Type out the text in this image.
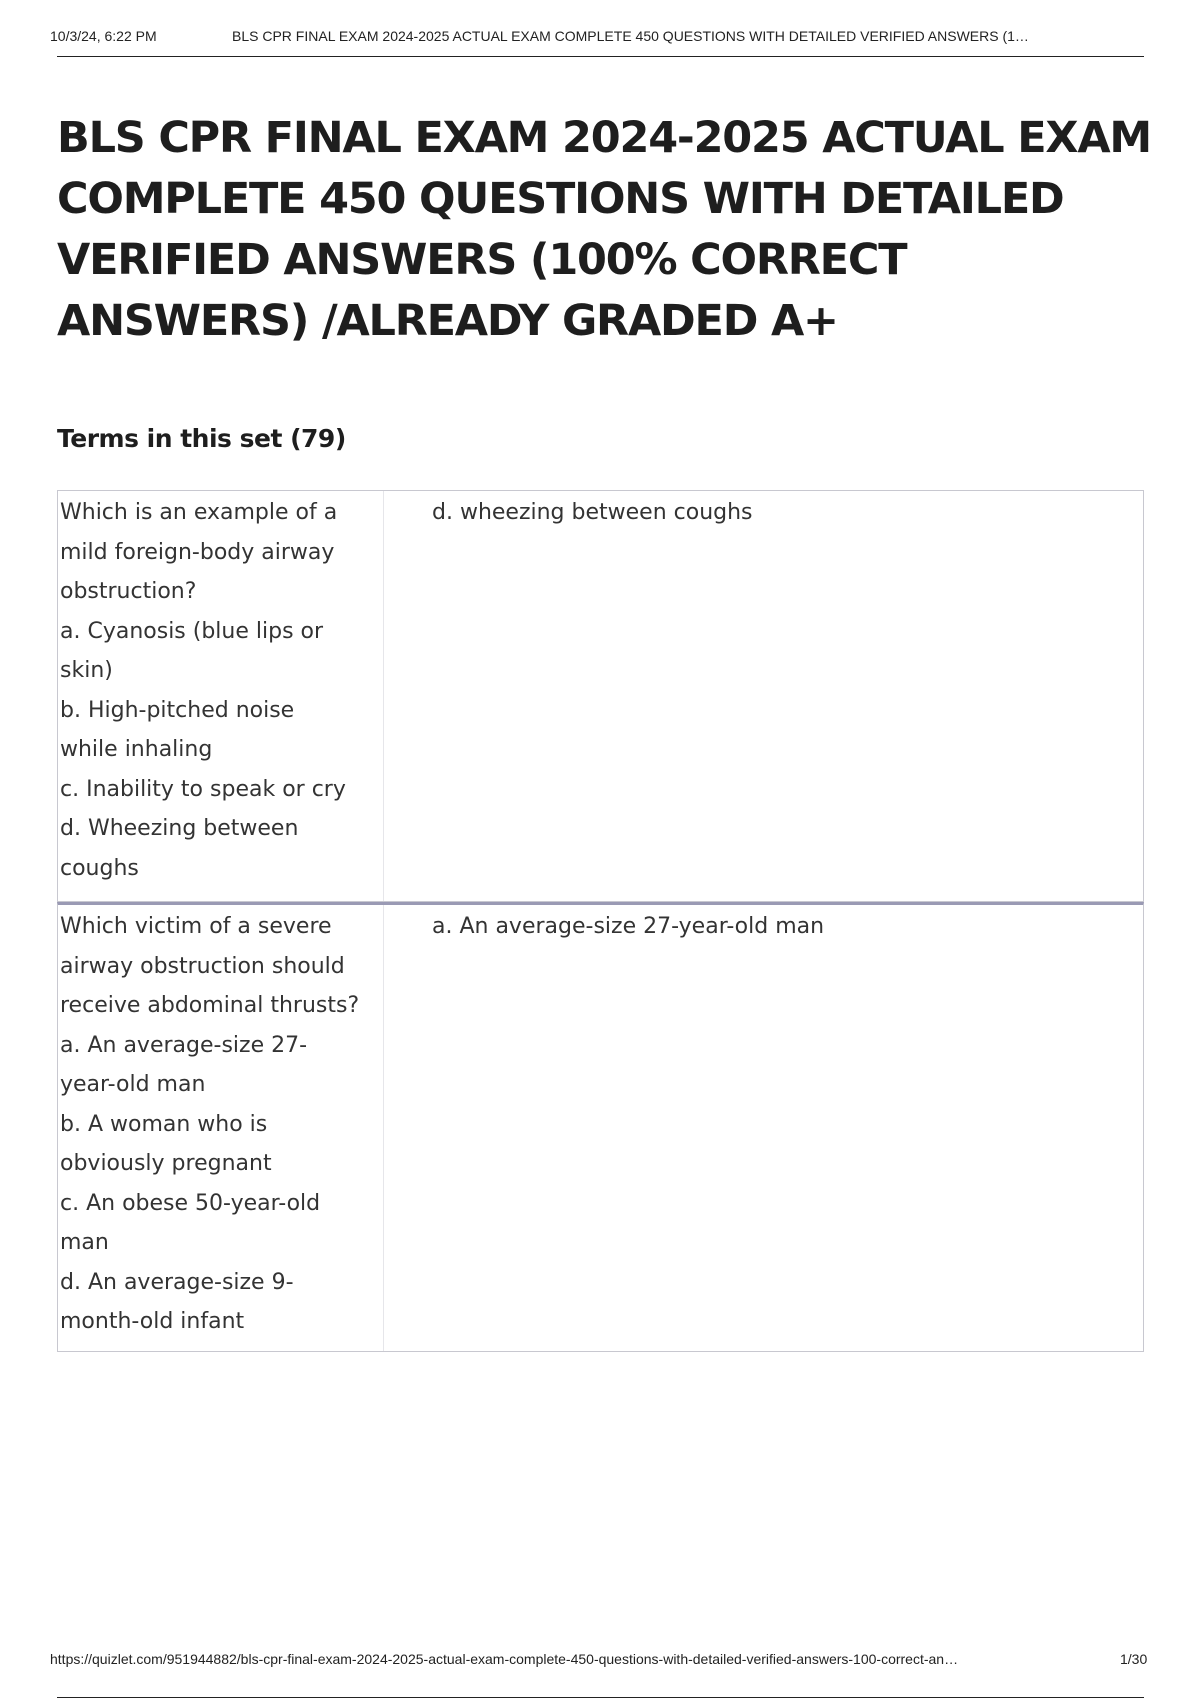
10/3/24, 6:22 PM	BLS CPR FINAL EXAM 2024-2025 ACTUAL EXAM COMPLETE 450 QUESTIONS WITH DETAILED VERIFIED ANSWERS (1…
BLS CPR FINAL EXAM 2024-2025 ACTUAL EXAM COMPLETE 450 QUESTIONS WITH DETAILED VERIFIED ANSWERS (100% CORRECT ANSWERS) /ALREADY GRADED A+
Terms in this set (79)
Which is an example of a
mild foreign-body airway
obstruction?
a. Cyanosis (blue lips or
skin)
b. High-pitched noise
while inhaling
c. Inability to speak or cry
d. Wheezing between
coughs
d. wheezing between coughs
Which victim of a severe
airway obstruction should
receive abdominal thrusts?
a. An average-size 27-
year-old man
b. A woman who is
obviously pregnant
c. An obese 50-year-old
man
d. An average-size 9-
month-old infant
a. An average-size 27-year-old man
https://quizlet.com/951944882/bls-cpr-final-exam-2024-2025-actual-exam-complete-450-questions-with-detailed-verified-answers-100-correct-an…	1/30
